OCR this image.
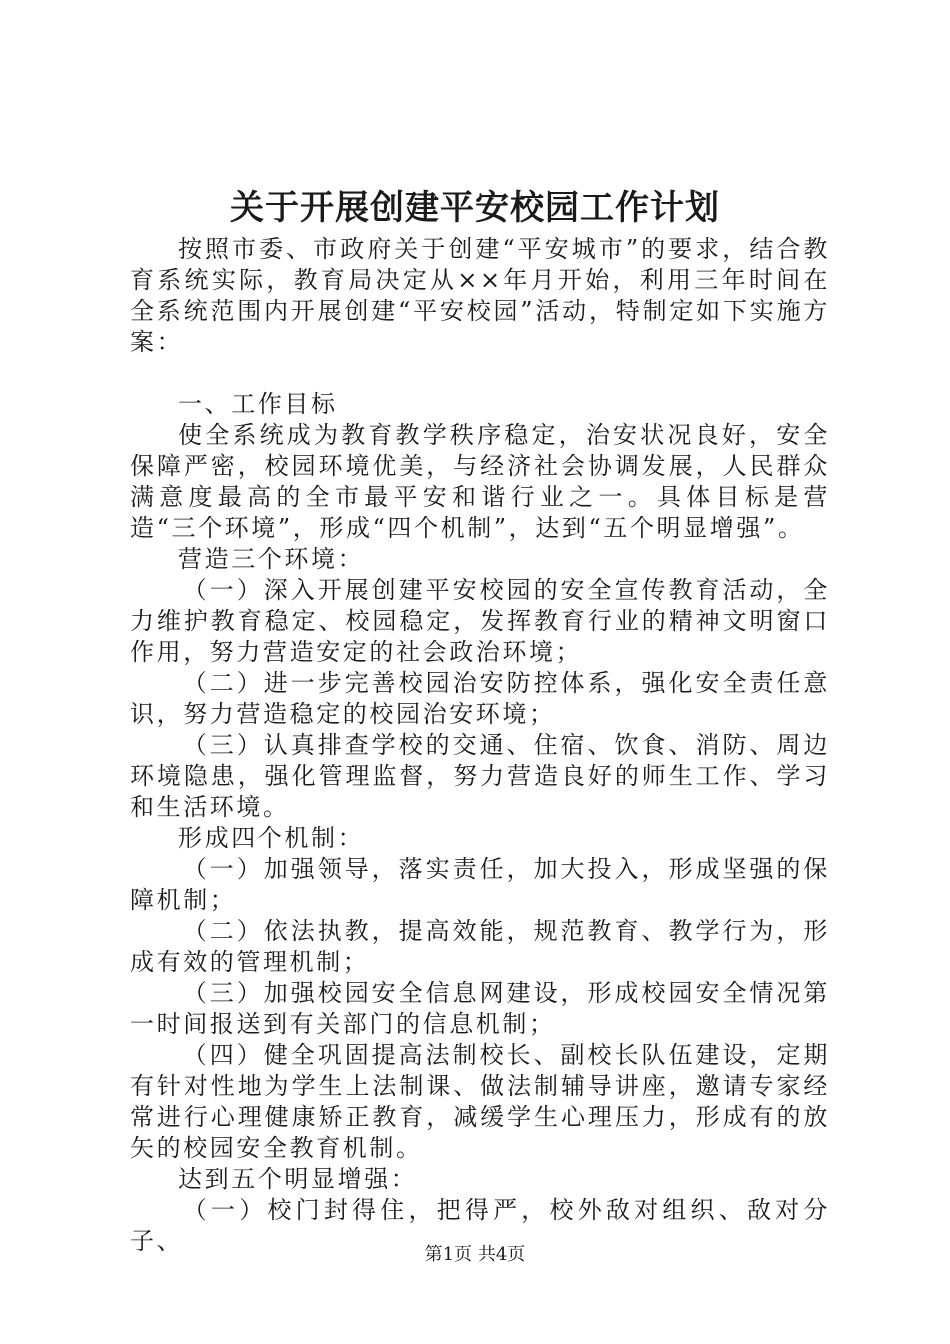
关于开展创建平安校园工作计划

按照市委、市政府关于创建“平安城市”的要求，结合教育系统实际，教育局决定从××年月开始，利用三年时间在全系统范围内开展创建“平安校园”活动，特制定如下实施方案：

一、工作目标

使全系统成为教育教学秩序稳定，治安状况良好，安全保障严密，校园环境优美，与经济社会协调发展，人民群众满意度最高的全市最平安和谐行业之一。具体目标是营造“三个环境”，形成“四个机制”，达到“五个明显增强”。

营造三个环境：

（一）深入开展创建平安校园的安全宣传教育活动，全力维护教育稳定、校园稳定，发挥教育行业的精神文明窗口作用，努力营造安定的社会政治环境；

（二）进一步完善校园治安防控体系，强化安全责任意识，努力营造稳定的校园治安环境；

（三）认真排查学校的交通、住宿、饮食、消防、周边环境隐患，强化管理监督，努力营造良好的师生工作、学习和生活环境。

形成四个机制：

（一）加强领导，落实责任，加大投入，形成坚强的保障机制；

（二）依法执教，提高效能，规范教育、教学行为，形成有效的管理机制；

（三）加强校园安全信息网建设，形成校园安全情况第一时间报送到有关部门的信息机制；

（四）健全巩固提高法制校长、副校长队伍建设，定期有针对性地为学生上法制课、做法制辅导讲座，邀请专家经常进行心理健康矫正教育，减缓学生心理压力，形成有的放矢的校园安全教育机制。

达到五个明显增强：

（一）校门封得住，把得严，校外敌对组织、敌对分子、	第1页 共4页
